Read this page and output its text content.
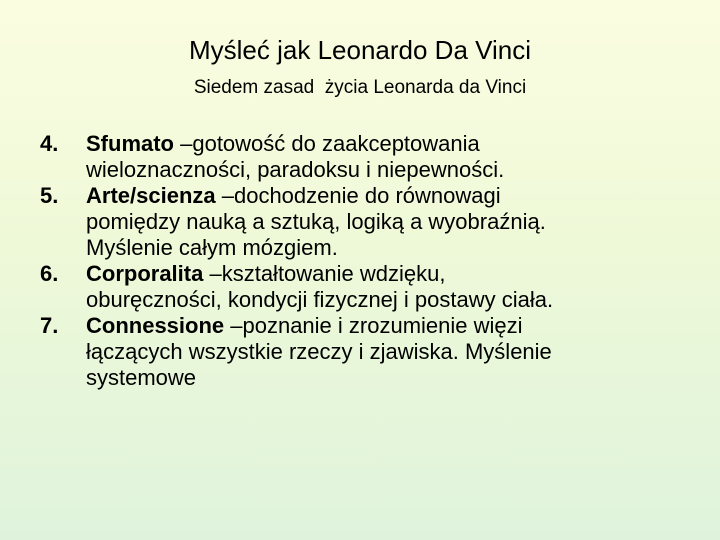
Myśleć jak Leonardo Da Vinci

Siedem zasad  życia Leonarda da Vinci

4.	Sfumato –gotowość do zaakceptowania
wieloznaczności, paradoksu i niepewności.
5.	Arte/scienza –dochodzenie do równowagi
pomiędzy nauką a sztuką, logiką a wyobraźnią.
Myślenie całym mózgiem.
6.	Corporalita –kształtowanie wdzięku,
oburęczności, kondycji fizycznej i postawy ciała.
7.	Connessione –poznanie i zrozumienie więzi
łączących wszystkie rzeczy i zjawiska. Myślenie
systemowe
